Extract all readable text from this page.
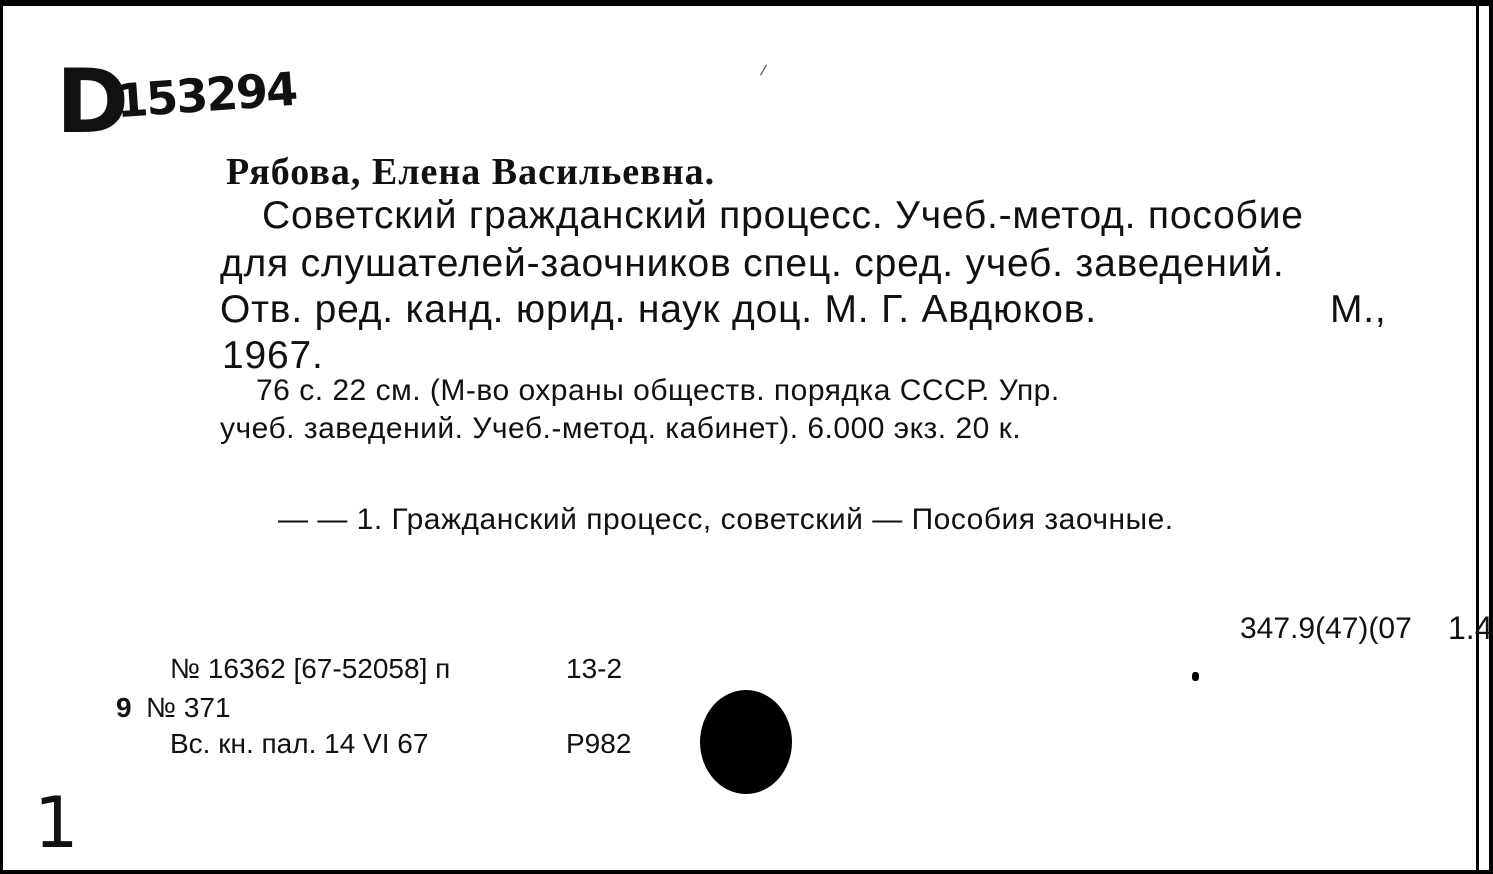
D
153294
Рябова, Елена Васильевна.
Советский гражданский процесс. Учеб.-метод. пособие
для слушателей-заочников спец. сред. учеб. заведений.
Отв. ред. канд. юрид. наук доц. М. Г. Авдюков.	М.,
1967.
76 с. 22 см. (М-во охраны обществ. порядка СССР. Упр.
учеб. заведений. Учеб.-метод. кабинет). 6.000 экз. 20 к.
— — 1. Гражданский процесс, советский — Пособия заочные.
347.9(47)(07 1.4
№ 16362 [67-52058] п	13-2
9 № 371
Вс. кн. пал. 14 VI 67	Р982
1
